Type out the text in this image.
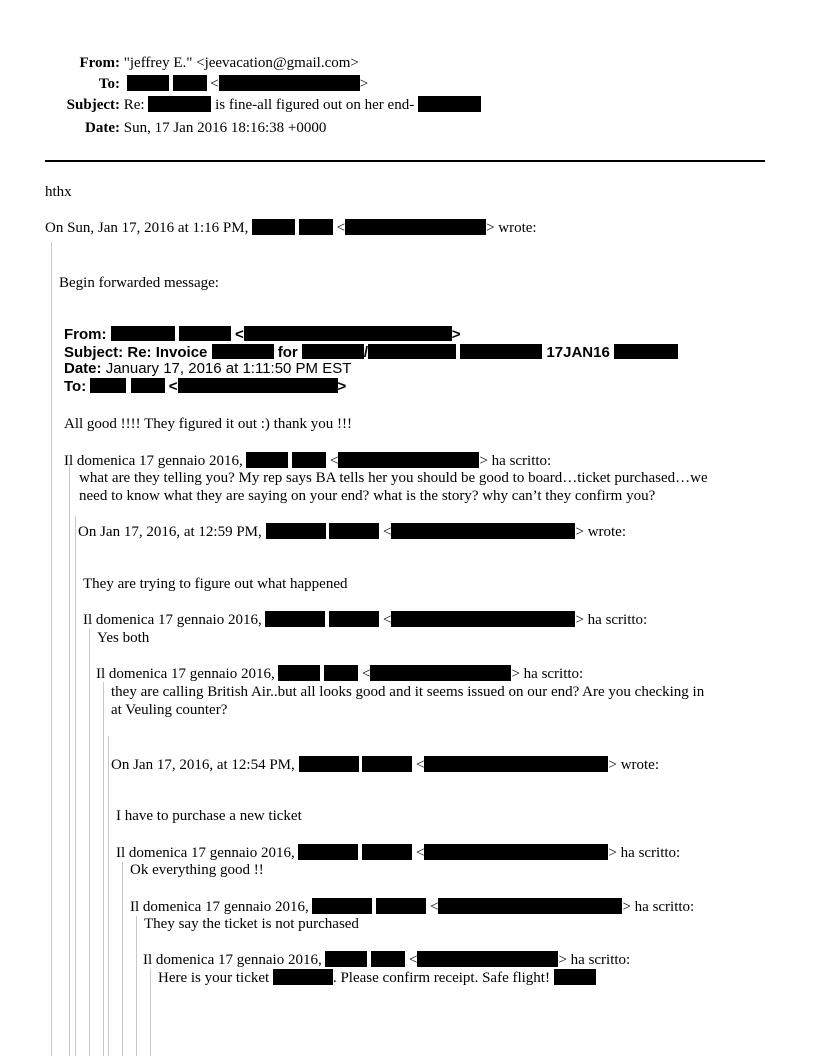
From: "jeffrey E." <jeevacation@gmail.com>
To:	<	>
Subject: Re:	is fine-all figured out on her end-
Date: Sun, 17 Jan 2016 18:16:38 +0000
hthx
On Sun, Jan 17, 2016 at 1:16 PM,	<	> wrote:
Begin forwarded message:
From:	<	>
Subject: Re: Invoice	for	/	17JAN16
Date: January 17, 2016 at 1:11:50 PM EST
To:	<	>
All good !!!! They figured it out :) thank you !!!
Il domenica 17 gennaio 2016,	<	> ha scritto:
what are they telling you? My rep says BA tells her you should be good to board…ticket purchased…we
need to know what they are saying on your end? what is the story? why can’t they confirm you?
On Jan 17, 2016, at 12:59 PM,	<	> wrote:
They are trying to figure out what happened
Il domenica 17 gennaio 2016,	<	> ha scritto:
Yes both
Il domenica 17 gennaio 2016,	<	> ha scritto:
they are calling British Air..but all looks good and it seems issued on our end? Are you checking in
at Veuling counter?
On Jan 17, 2016, at 12:54 PM,	<	> wrote:
I have to purchase a new ticket
Il domenica 17 gennaio 2016,	<	> ha scritto:
Ok everything good !!
Il domenica 17 gennaio 2016,	<	> ha scritto:
They say the ticket is not purchased
Il domenica 17 gennaio 2016,	<	> ha scritto:
Here is your ticket	. Please confirm receipt. Safe flight!
